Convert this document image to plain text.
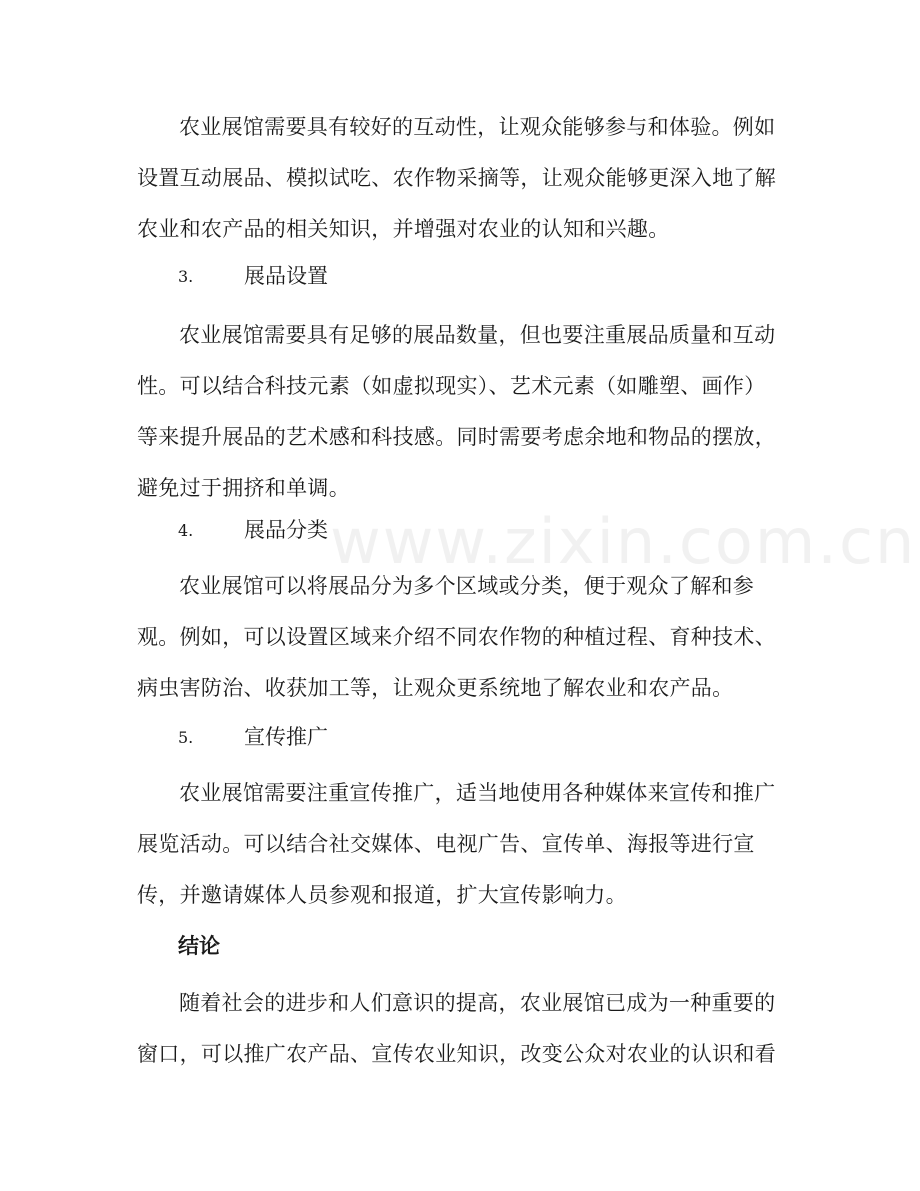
www.zixin.com.cn

农业展馆需要具有较好的互动性，让观众能够参与和体验。例如设置互动展品、模拟试吃、农作物采摘等，让观众能够更深入地了解农业和农产品的相关知识，并增强对农业的认知和兴趣。

3.	展品设置

农业展馆需要具有足够的展品数量，但也要注重展品质量和互动性。可以结合科技元素（如虚拟现实）、艺术元素（如雕塑、画作）等来提升展品的艺术感和科技感。同时需要考虑余地和物品的摆放，避免过于拥挤和单调。

4.	展品分类

农业展馆可以将展品分为多个区域或分类，便于观众了解和参观。例如，可以设置区域来介绍不同农作物的种植过程、育种技术、病虫害防治、收获加工等，让观众更系统地了解农业和农产品。

5.	宣传推广

农业展馆需要注重宣传推广，适当地使用各种媒体来宣传和推广展览活动。可以结合社交媒体、电视广告、宣传单、海报等进行宣传，并邀请媒体人员参观和报道，扩大宣传影响力。

结论

随着社会的进步和人们意识的提高，农业展馆已成为一种重要的窗口，可以推广农产品、宣传农业知识，改变公众对农业的认识和看
